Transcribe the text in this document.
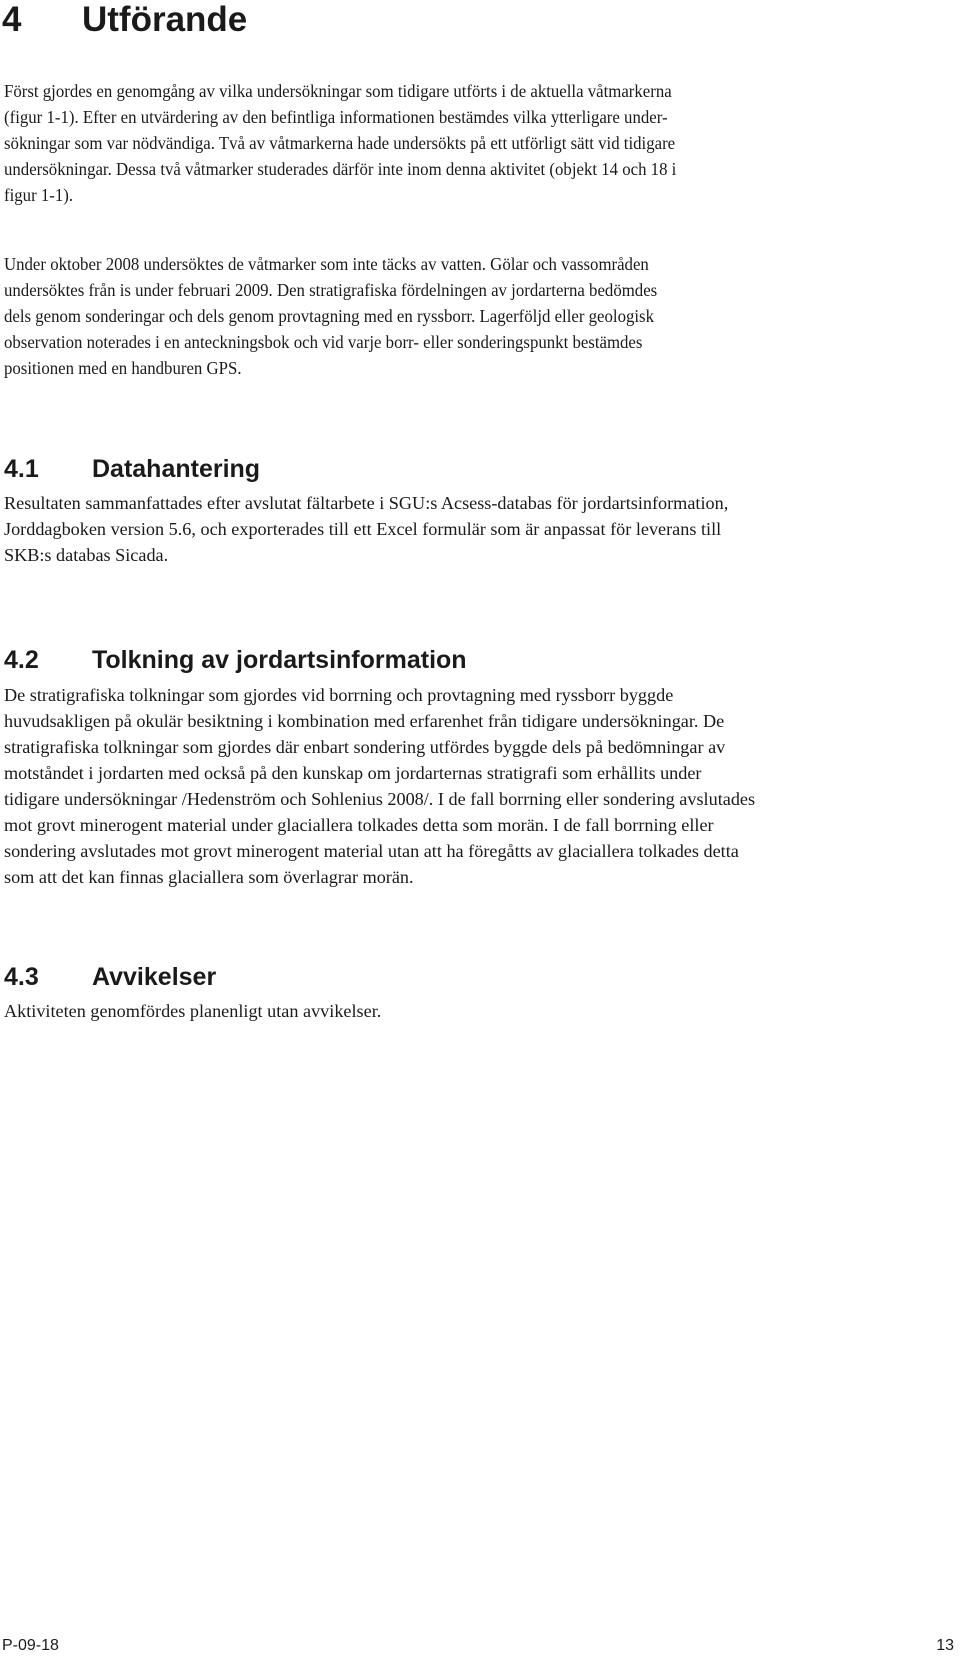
4 Utförande

Först gjordes en genomgång av vilka undersökningar som tidigare utförts i de aktuella våtmarkerna
(figur 1-1). Efter en utvärdering av den befintliga informationen bestämdes vilka ytterligare under-
sökningar som var nödvändiga. Två av våtmarkerna hade undersökts på ett utförligt sätt vid tidigare
undersökningar. Dessa två våtmarker studerades därför inte inom denna aktivitet (objekt 14 och 18 i
figur 1-1).

Under oktober 2008 undersöktes de våtmarker som inte täcks av vatten. Gölar och vassområden
undersöktes från is under februari 2009. Den stratigrafiska fördelningen av jordarterna bedömdes
dels genom sonderingar och dels genom provtagning med en ryssborr. Lagerföljd eller geologisk
observation noterades i en anteckningsbok och vid varje borr- eller sonderingspunkt bestämdes
positionen med en handburen GPS.

4.1 Datahantering

Resultaten sammanfattades efter avslutat fältarbete i SGU:s Acsess-databas för jordartsinformation,
Jorddagboken version 5.6, och exporterades till ett Excel formulär som är anpassat för leverans till
SKB:s databas Sicada.

4.2 Tolkning av jordartsinformation

De stratigrafiska tolkningar som gjordes vid borrning och provtagning med ryssborr byggde
huvudsakligen på okulär besiktning i kombination med erfarenhet från tidigare undersökningar. De
stratigrafiska tolkningar som gjordes där enbart sondering utfördes byggde dels på bedömningar av
motståndet i jordarten med också på den kunskap om jordarternas stratigrafi som erhållits under
tidigare undersökningar /Hedenström och Sohlenius 2008/. I de fall borrning eller sondering avslutades
mot grovt minerogent material under glaciallera tolkades detta som morän. I de fall borrning eller
sondering avslutades mot grovt minerogent material utan att ha föregåtts av glaciallera tolkades detta
som att det kan finnas glaciallera som överlagrar morän.

4.3 Avvikelser

Aktiviteten genomfördes planenligt utan avvikelser.

P-09-18	13
